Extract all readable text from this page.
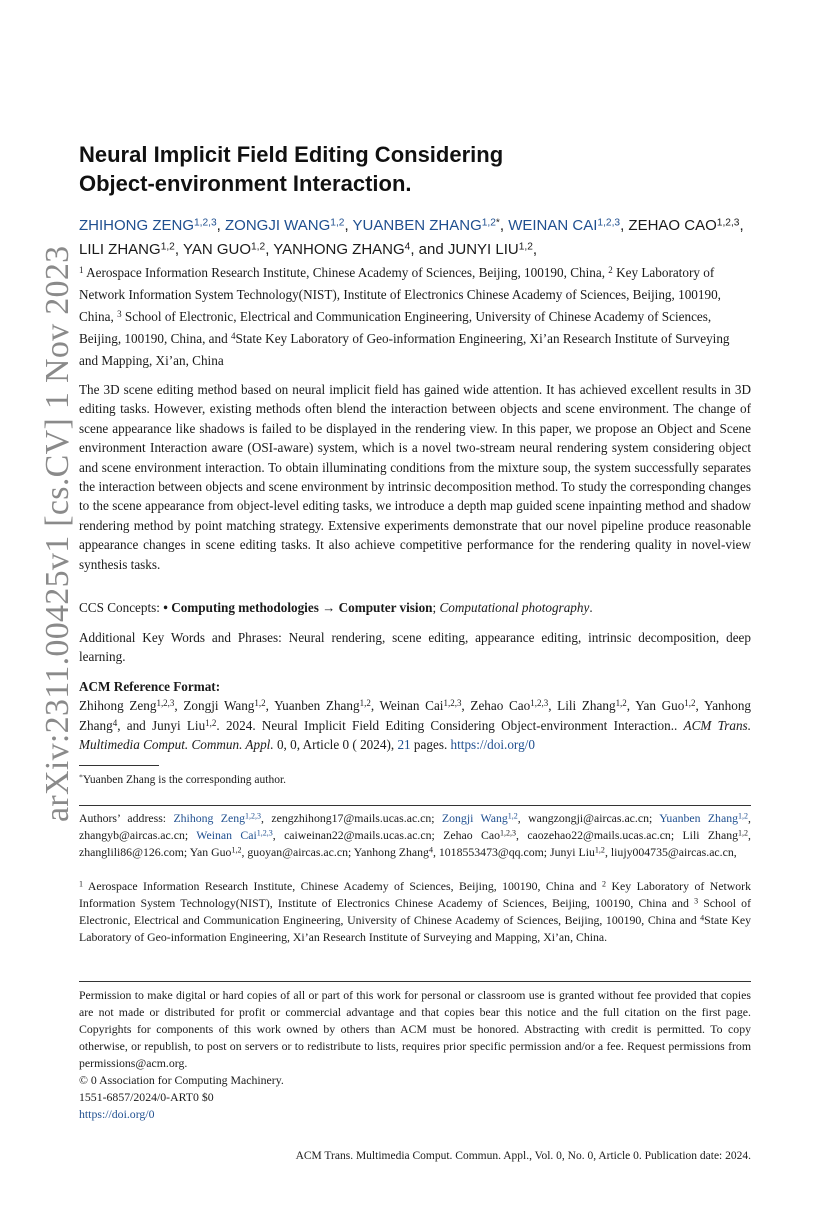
arXiv:2311.00425v1 [cs.CV] 1 Nov 2023
Neural Implicit Field Editing Considering
Object-environment Interaction.
ZHIHONG ZENG$^{1,2,3}$, ZONGJI WANG$^{1,2}$, YUANBEN $ZHANG^{1,2*}$, WEINAN CAI$^{1,2,3}$, ZEHAO CAO$^{1,2,3}$, LILI ZHANG$^{1,2}$, YAN GUO$^{1,2}$, YANHONG ZHANG$^4$, and JUNYI LIU$^{1,2}$,
$^1$ Aerospace Information Research Institute, Chinese Academy of Sciences, Beijing, 100190, China, $^2$ Key Laboratory of Network Information System Technology(NIST), Institute of Electronics Chinese Academy of Sciences, Beijing, 100190, China, $^3$ School of Electronic, Electrical and Communication Engineering, University of Chinese Academy of Sciences, Beijing, 100190, China, and $^4$State Key Laboratory of Geo-information Engineering, Xi’an Research Institute of Surveying and Mapping, Xi’an, China

The 3D scene editing method based on neural implicit field has gained wide attention. It has achieved excellent results in 3D editing tasks. However, existing methods often blend the interaction between objects and scene environment. The change of scene appearance like shadows is failed to be displayed in the rendering view. In this paper, we propose an Object and Scene environment Interaction aware (OSI-aware) system, which is a novel two-stream neural rendering system considering object and scene environment interaction. To obtain illuminating conditions from the mixture soup, the system successfully separates the interaction between objects and scene environment by intrinsic decomposition method. To study the corresponding changes to the scene appearance from object-level editing tasks, we introduce a depth map guided scene inpainting method and shadow rendering method by point matching strategy. Extensive experiments demonstrate that our novel pipeline produce reasonable appearance changes in scene editing tasks. It also achieve competitive performance for the rendering quality in novel-view synthesis tasks.

CCS Concepts: • Computing methodologies → Computer vision; Computational photography.
Additional Key Words and Phrases: Neural rendering, scene editing, appearance editing, intrinsic decomposition, deep learning.
ACM Reference Format:
Zhihong Zeng$^{1,2,3}$, Zongji Wang$^{1,2}$, Yuanben Zhang$^{1,2}$, Weinan Cai$^{1,2,3}$, Zehao Cao$^{1,2,3}$, Lili Zhang$^{1,2}$, Yan Guo$^{1,2}$, Yanhong Zhang$^4$, and Junyi Liu$^{1,2}$. 2024. Neural Implicit Field Editing Considering Object-environment Interaction.. ACM Trans. Multimedia Comput. Commun. Appl. 0, 0, Article 0 ( 2024), 21 pages. https://doi.org/0
*Yuanben Zhang is the corresponding author.
Authors’ address: Zhihong Zeng$^{1,2,3}$, zengzhihong17@mails.ucas.ac.cn; Zongji Wang$^{1,2}$, wangzongji@aircas.ac.cn; Yuanben Zhang$^{1,2}$, zhangyb@aircas.ac.cn; Weinan Cai$^{1,2,3}$, caiweinan22@mails.ucas.ac.cn; Zehao Cao$^{1,2,3}$, caozehao22@mails.ucas.ac.cn; Lili Zhang$^{1,2}$, zhanglili86@126.com; Yan Guo$^{1,2}$, guoyan@aircas.ac.cn; Yanhong Zhang$^4$, 1018553473@qq.com; Junyi Liu$^{1,2}$, liujy004735@aircas.ac.cn,
$^1$ Aerospace Information Research Institute, Chinese Academy of Sciences, Beijing, 100190, China and $^2$ Key Laboratory of Network Information System Technology(NIST), Institute of Electronics Chinese Academy of Sciences, Beijing, 100190, China and $^3$ School of Electronic, Electrical and Communication Engineering, University of Chinese Academy of Sciences, Beijing, 100190, China and $^4$State Key Laboratory of Geo-information Engineering, Xi’an Research Institute of Surveying and Mapping, Xi’an, China.
Permission to make digital or hard copies of all or part of this work for personal or classroom use is granted without fee provided that copies are not made or distributed for profit or commercial advantage and that copies bear this notice and the full citation on the first page. Copyrights for components of this work owned by others than ACM must be honored. Abstracting with credit is permitted. To copy otherwise, or republish, to post on servers or to redistribute to lists, requires prior specific permission and/or a fee. Request permissions from permissions@acm.org.
© 0 Association for Computing Machinery.
1551-6857/2024/0-ART0 $0
https://doi.org/0
ACM Trans. Multimedia Comput. Commun. Appl., Vol. 0, No. 0, Article 0. Publication date: 2024.
